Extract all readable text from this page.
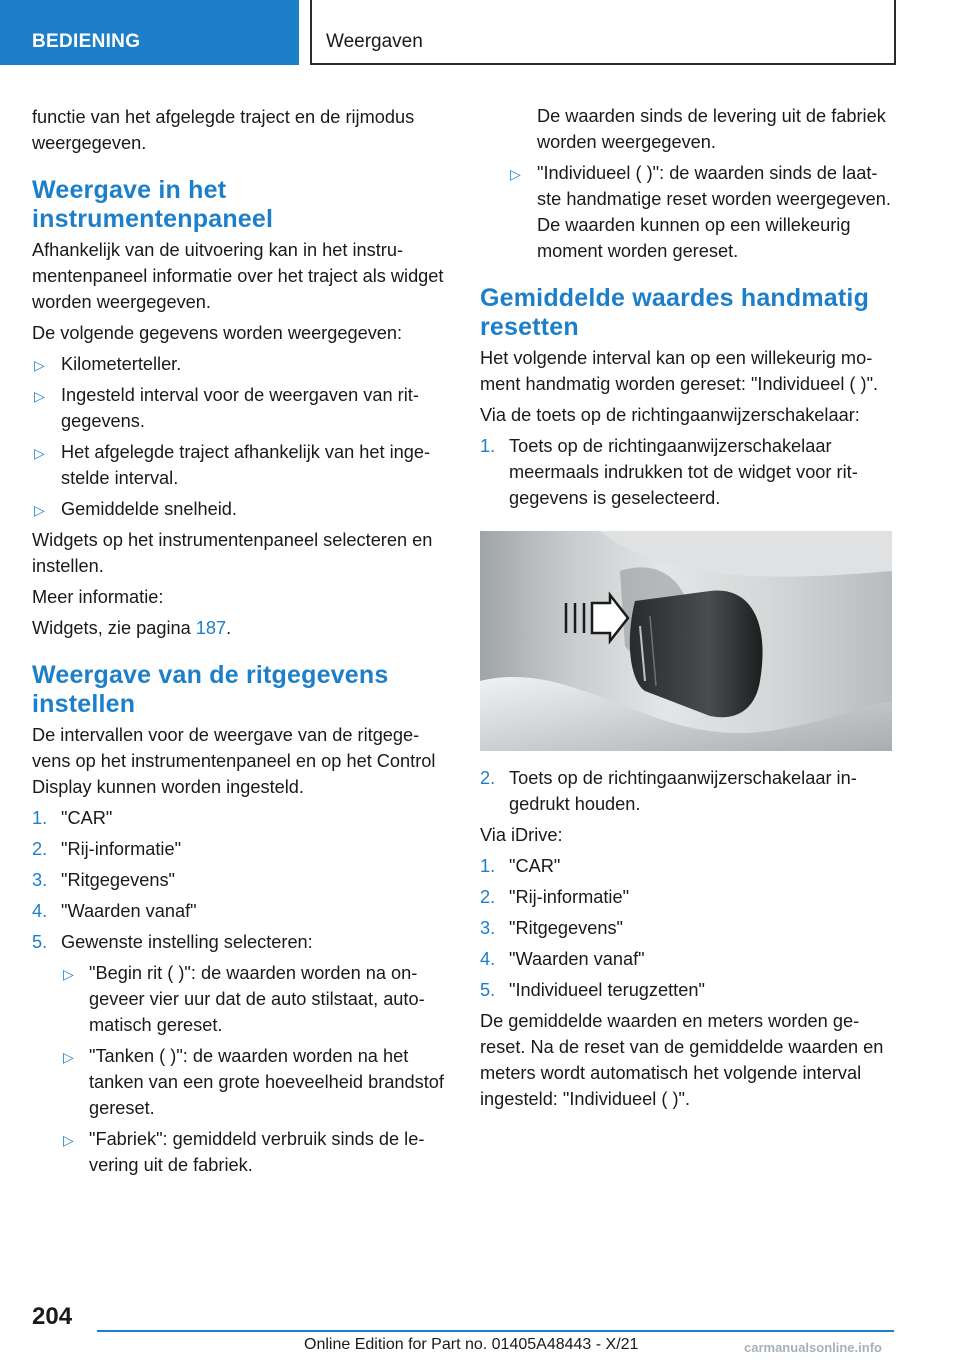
BEDIENING	Weergaven

functie van het afgelegde traject en de rijmodus weergegeven.

Weergave in het instrumentenpaneel

Afhankelijk van de uitvoering kan in het instrumentenpaneel informatie over het traject als widget worden weergegeven.

De volgende gegevens worden weergegeven:

▷ Kilometerteller.
▷ Ingesteld interval voor de weergaven van ritgegevens.
▷ Het afgelegde traject afhankelijk van het ingestelde interval.
▷ Gemiddelde snelheid.

Widgets op het instrumentenpaneel selecteren en instellen.

Meer informatie:

Widgets, zie pagina 187.

Weergave van de ritgegevens instellen

De intervallen voor de weergave van de ritgegevens op het instrumentenpaneel en op het Control Display kunnen worden ingesteld.

1. "CAR"
2. "Rij-informatie"
3. "Ritgegevens"
4. "Waarden vanaf"
5. Gewenste instelling selecteren:
▷ "Begin rit ( )": de waarden worden na ongeveer vier uur dat de auto stilstaat, automatisch gereset.
▷ "Tanken ( )": de waarden worden na het tanken van een grote hoeveelheid brandstof gereset.
▷ "Fabriek": gemiddeld verbruik sinds de levering uit de fabriek.

De waarden sinds de levering uit de fabriek worden weergegeven.

▷ "Individueel ( )": de waarden sinds de laatste handmatige reset worden weergegeven. De waarden kunnen op een willekeurig moment worden gereset.
Gemiddelde waardes handmatig resetten

Het volgende interval kan op een willekeurig moment handmatig worden gereset: "Individueel ( )".

Via de toets op de richtingaanwijzerschakelaar:

1. Toets op de richtingaanwijzerschakelaar meermaals indrukken tot de widget voor ritgegevens is geselecteerd.
2. Toets op de richtingaanwijzerschakelaar ingedrukt houden.

Via iDrive:

1. "CAR"
2. "Rij-informatie"
3. "Ritgegevens"
4. "Waarden vanaf"
5. "Individueel terugzetten"

De gemiddelde waarden en meters worden gereset. Na de reset van de gemiddelde waarden en meters wordt automatisch het volgende interval ingesteld: "Individueel ( )".

204
Online Edition for Part no. 01405A48443 - X/21	carmanualsonline.info
